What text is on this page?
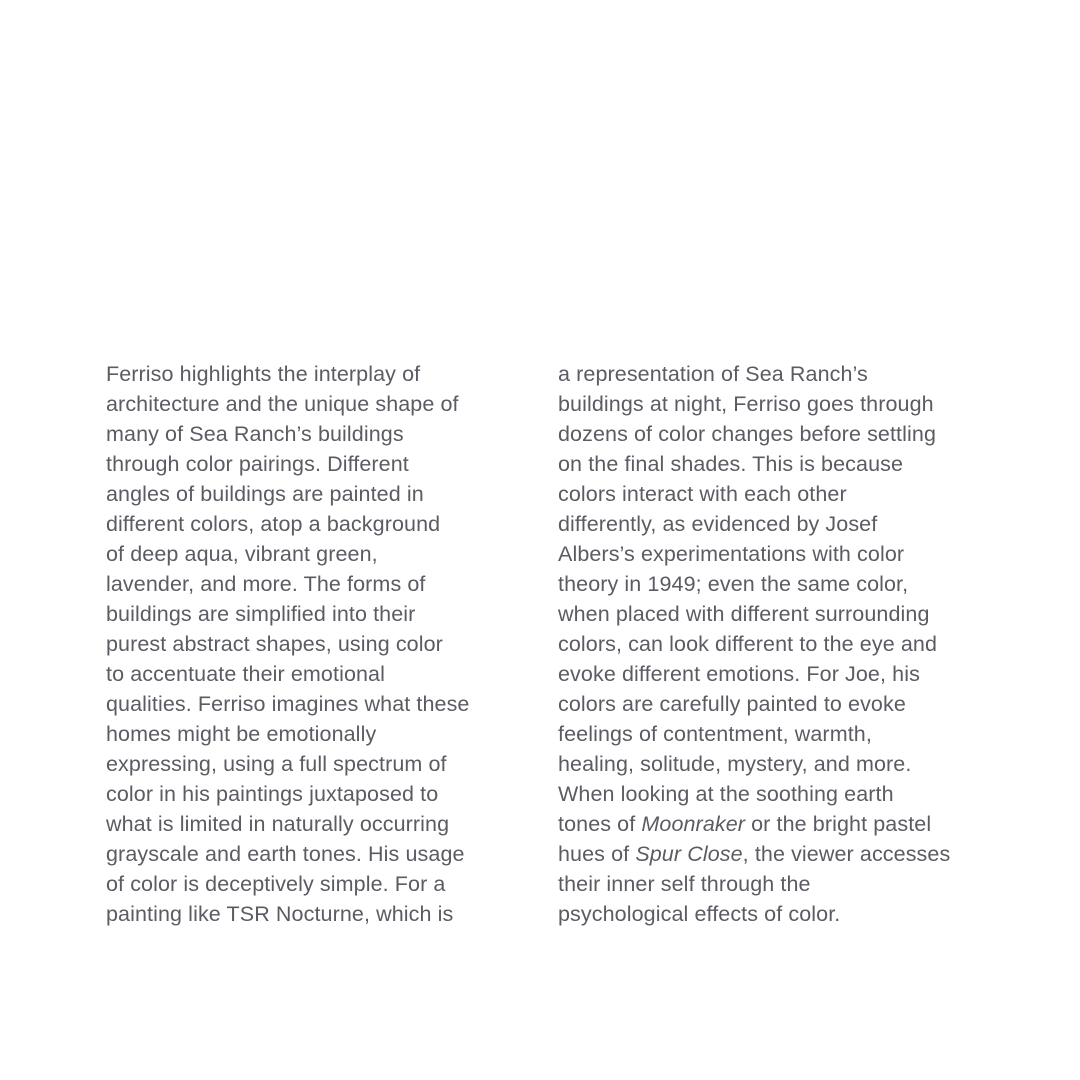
Ferriso highlights the interplay of
architecture and the unique shape of
many of Sea Ranch’s buildings
through color pairings. Different
angles of buildings are painted in
different colors, atop a background
of deep aqua, vibrant green,
lavender, and more. The forms of
buildings are simplified into their
purest abstract shapes, using color
to accentuate their emotional
qualities. Ferriso imagines what these
homes might be emotionally
expressing, using a full spectrum of
color in his paintings juxtaposed to
what is limited in naturally occurring
grayscale and earth tones. His usage
of color is deceptively simple. For a
painting like TSR Nocturne, which is
a representation of Sea Ranch’s
buildings at night, Ferriso goes through
dozens of color changes before settling
on the final shades. This is because
colors interact with each other
differently, as evidenced by Josef
Albers’s experimentations with color
theory in 1949; even the same color,
when placed with different surrounding
colors, can look different to the eye and
evoke different emotions. For Joe, his
colors are carefully painted to evoke
feelings of contentment, warmth,
healing, solitude, mystery, and more.
When looking at the soothing earth
tones of Moonraker or the bright pastel
hues of Spur Close, the viewer accesses
their inner self through the
psychological effects of color.
